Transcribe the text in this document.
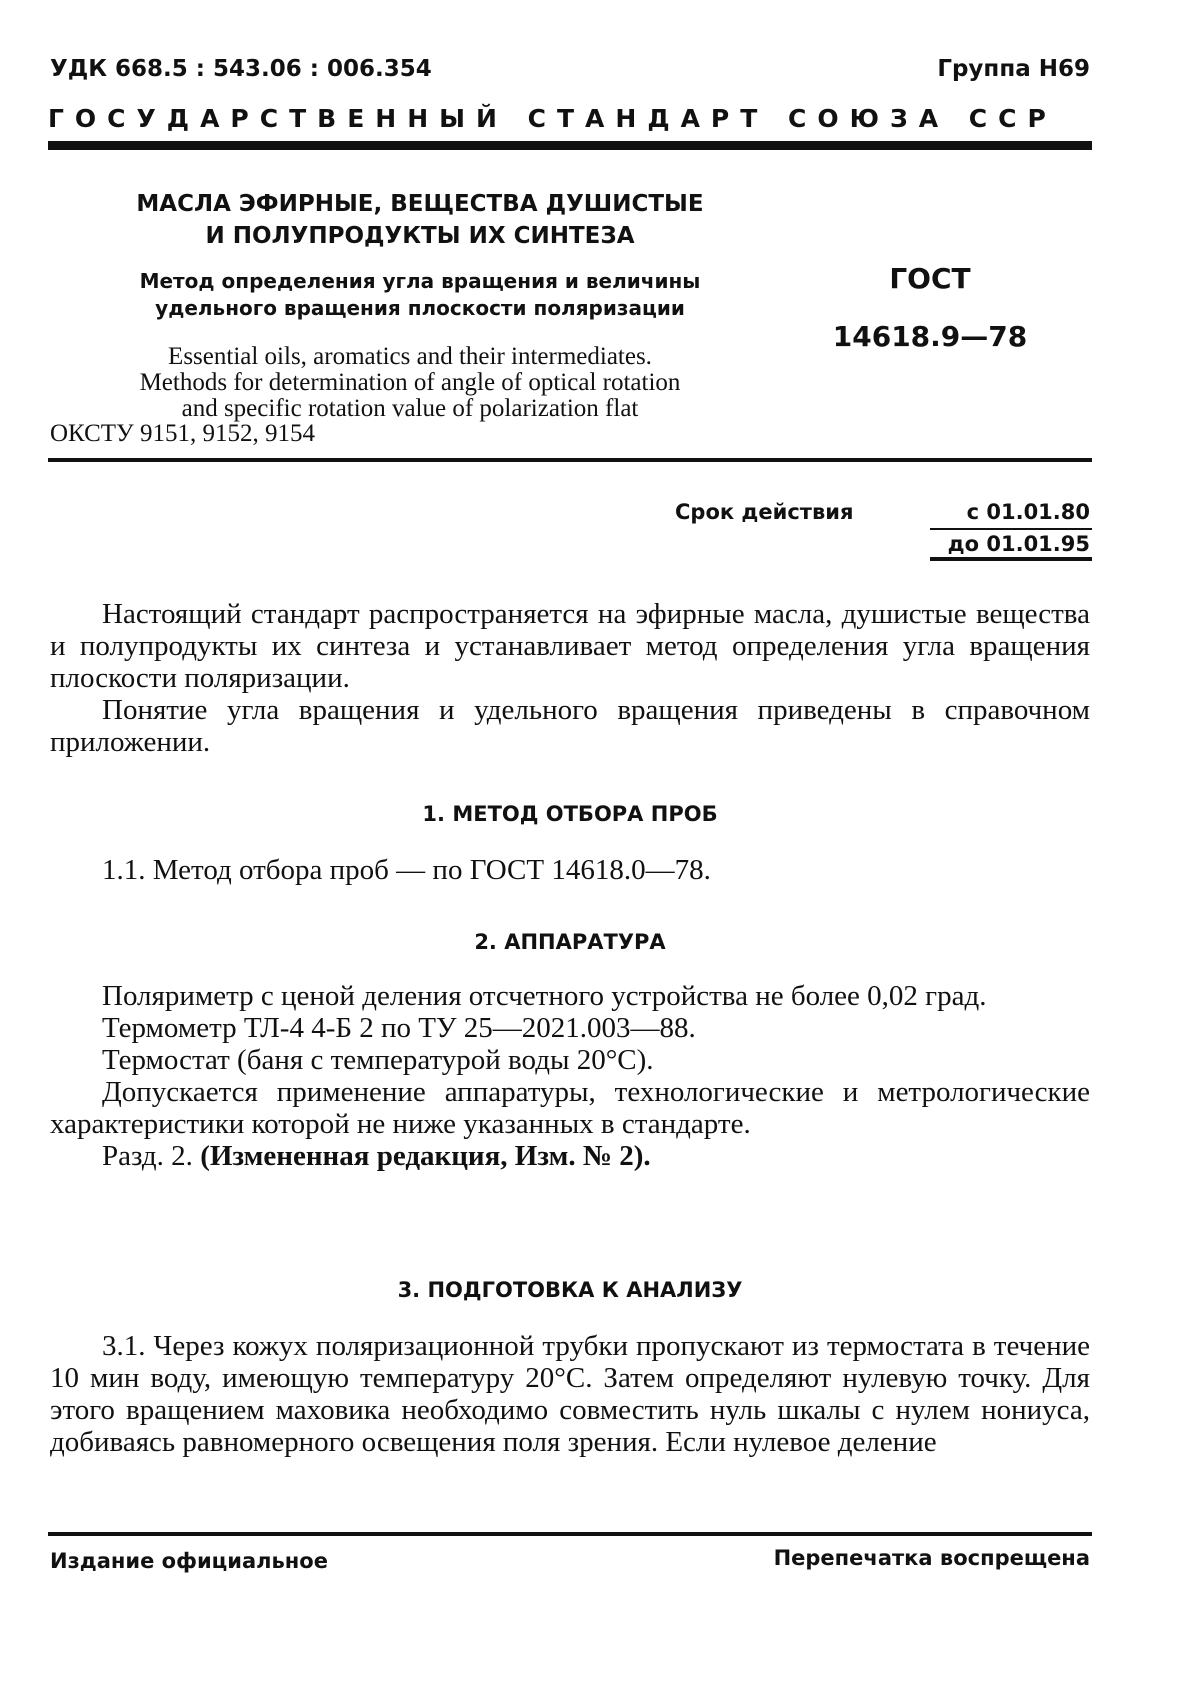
УДК 668.5 : 543.06 : 006.354	Группа Н69
ГОСУДАРСТВЕННЫЙ СТАНДАРТ СОЮЗА ССР
МАСЛА ЭФИРНЫЕ, ВЕЩЕСТВА ДУШИСТЫЕ
И ПОЛУПРОДУКТЫ ИХ СИНТЕЗА
Метод определения угла вращения и величины
удельного вращения плоскости поляризации
Essential oils, aromatics and their intermediates.
Methods for determination of angle of optical rotation
and specific rotation value of polarization flat
ОКСТУ 9151, 9152, 9154
ГОСТ
14618.9—78
Срок действия	с 01.01.80
до 01.01.95

Настоящий стандарт распространяется на эфирные масла, душистые вещества и полупродукты их синтеза и устанавливает метод определения угла вращения плоскости поляризации.

Понятие угла вращения и удельного вращения приведены в справочном приложении.

1. МЕТОД ОТБОРА ПРОБ

1.1. Метод отбора проб — по ГОСТ 14618.0—78.

2. АППАРАТУРА

Поляриметр с ценой деления отсчетного устройства не более 0,02 град.

Термометр ТЛ-4 4-Б 2 по ТУ 25—2021.003—88.

Термостат (баня с температурой воды 20°С).

Допускается применение аппаратуры, технологические и метрологические характеристики которой не ниже указанных в стандарте.

Разд. 2. (Измененная редакция, Изм. № 2).

3. ПОДГОТОВКА К АНАЛИЗУ

3.1. Через кожух поляризационной трубки пропускают из термостата в течение 10 мин воду, имеющую температуру 20°С. Затем определяют нулевую точку. Для этого вращением маховика необходимо совместить нуль шкалы с нулем нониуса, добиваясь равномерного освещения поля зрения. Если нулевое деление

Издание официальное	Перепечатка воспрещена
